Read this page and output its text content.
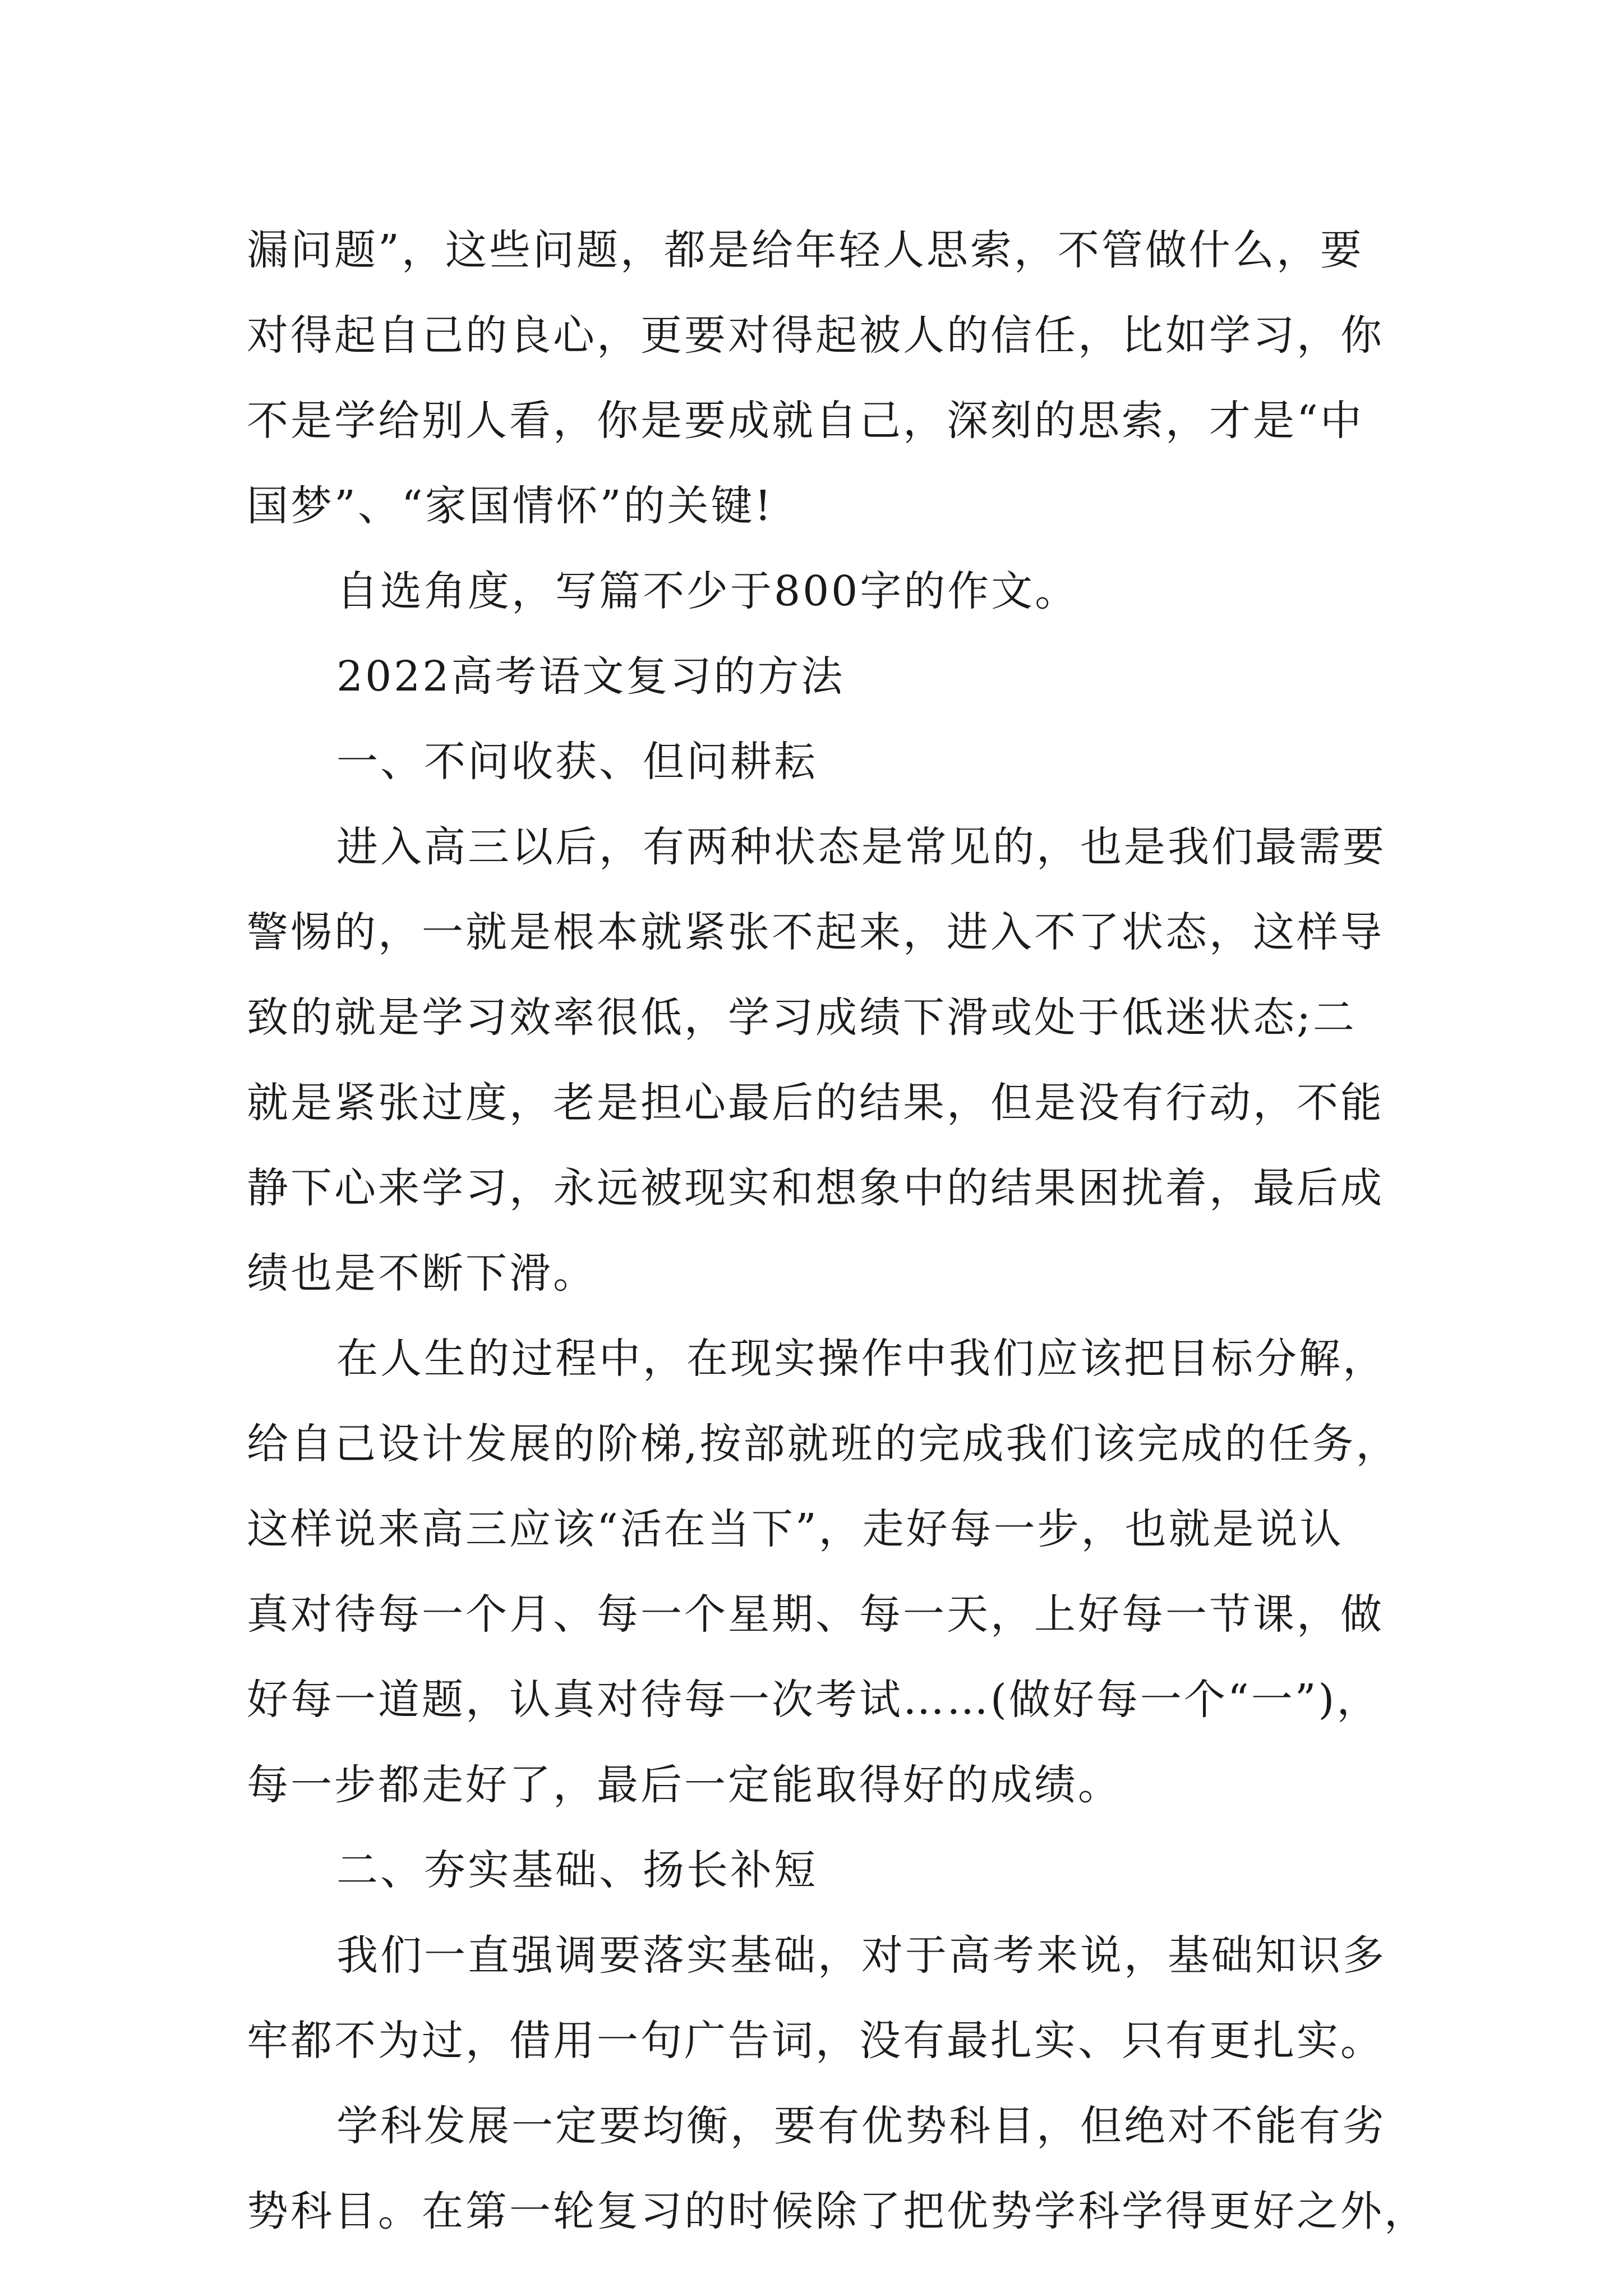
漏问题”，这些问题，都是给年轻人思索，不管做什么，要
对得起自己的良心，更要对得起被人的信任，比如学习，你
不是学给别人看，你是要成就自己，深刻的思索，才是“中
国梦”、“家国情怀”的关键!
自选角度，写篇不少于800字的作文。
2022高考语文复习的方法
一、不问收获、但问耕耘
进入高三以后，有两种状态是常见的，也是我们最需要
警惕的，一就是根本就紧张不起来，进入不了状态，这样导
致的就是学习效率很低，学习成绩下滑或处于低迷状态;二
就是紧张过度，老是担心最后的结果，但是没有行动，不能
静下心来学习，永远被现实和想象中的结果困扰着，最后成
绩也是不断下滑。
在人生的过程中，在现实操作中我们应该把目标分解，
给自己设计发展的阶梯,按部就班的完成我们该完成的任务，
这样说来高三应该“活在当下”，走好每一步，也就是说认
真对待每一个月、每一个星期、每一天，上好每一节课，做
好每一道题，认真对待每一次考试……(做好每一个“一”)，
每一步都走好了，最后一定能取得好的成绩。
二、夯实基础、扬长补短
我们一直强调要落实基础，对于高考来说，基础知识多
牢都不为过，借用一句广告词，没有最扎实、只有更扎实。
学科发展一定要均衡，要有优势科目，但绝对不能有劣
势科目。在第一轮复习的时候除了把优势学科学得更好之外，
